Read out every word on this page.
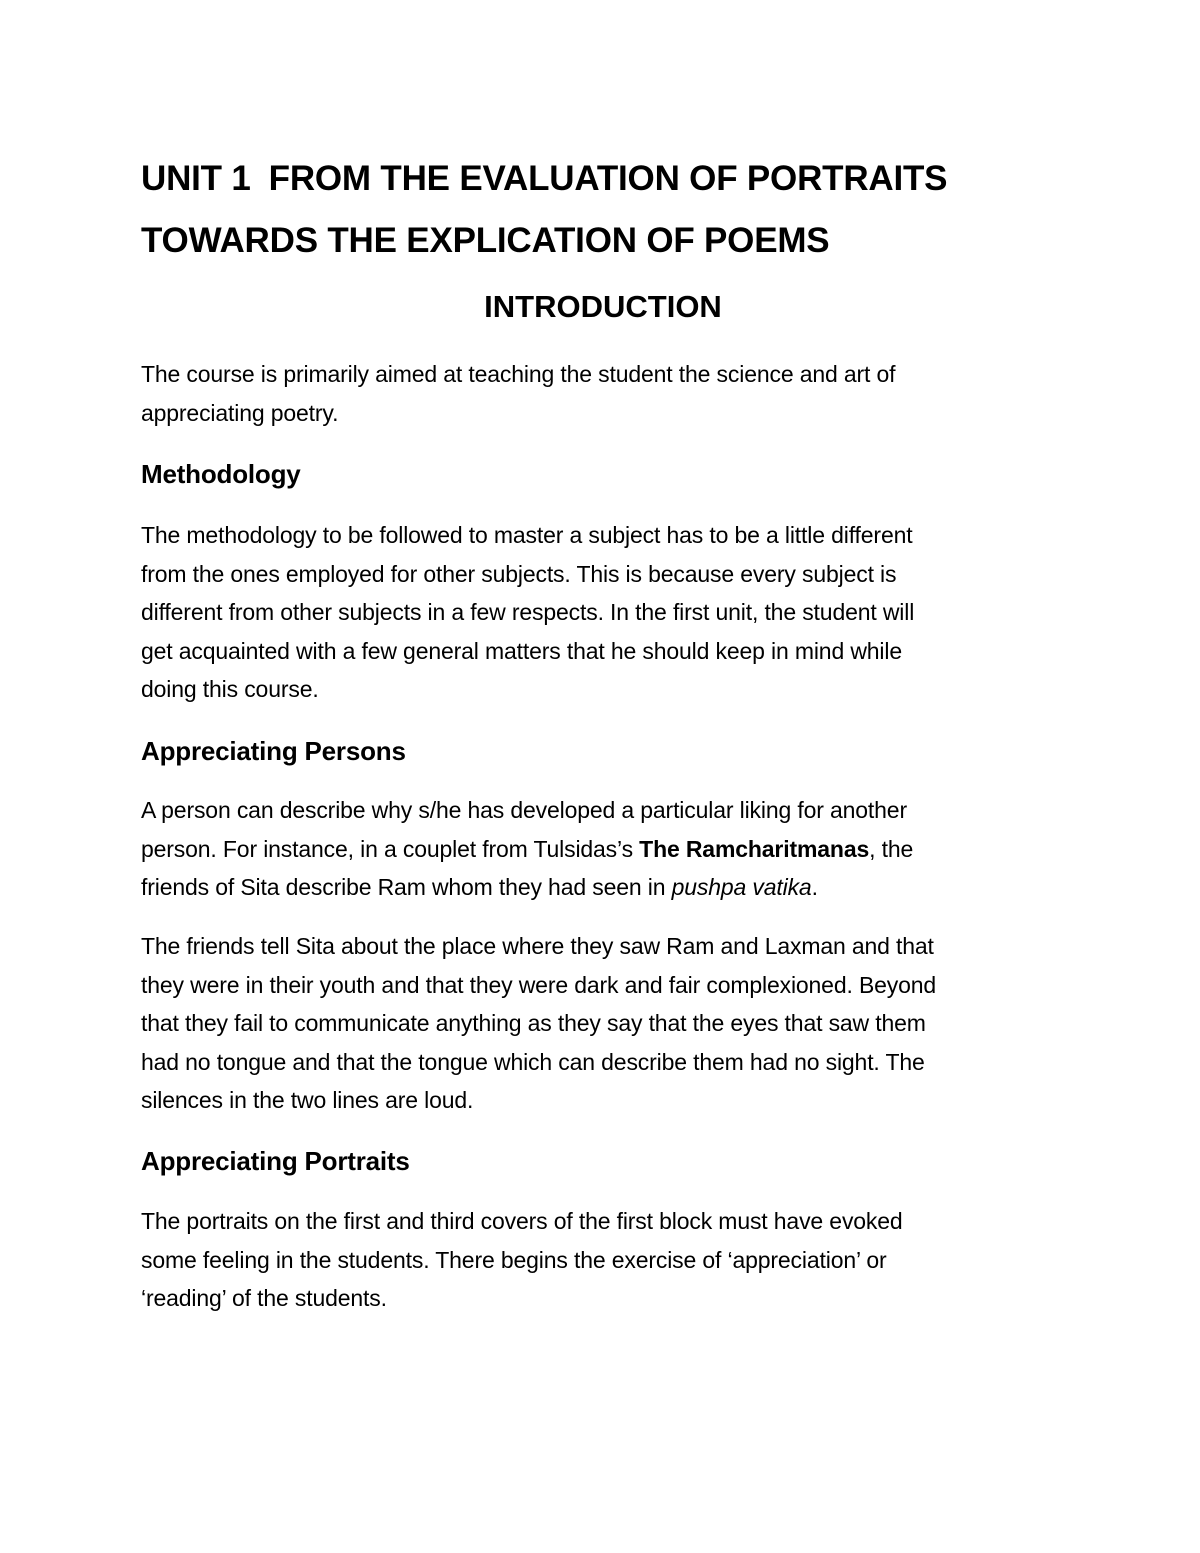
UNIT 1 FROM THE EVALUATION OF PORTRAITS
TOWARDS THE EXPLICATION OF POEMS
INTRODUCTION

The course is primarily aimed at teaching the student the science and art of
appreciating poetry.

Methodology

The methodology to be followed to master a subject has to be a little different
from the ones employed for other subjects. This is because every subject is
different from other subjects in a few respects. In the first unit, the student will
get acquainted with a few general matters that he should keep in mind while
doing this course.

Appreciating Persons

A person can describe why s/he has developed a particular liking for another
person. For instance, in a couplet from Tulsidas’s The Ramcharitmanas, the
friends of Sita describe Ram whom they had seen in pushpa vatika.

The friends tell Sita about the place where they saw Ram and Laxman and that
they were in their youth and that they were dark and fair complexioned. Beyond
that they fail to communicate anything as they say that the eyes that saw them
had no tongue and that the tongue which can describe them had no sight. The
silences in the two lines are loud.

Appreciating Portraits

The portraits on the first and third covers of the first block must have evoked
some feeling in the students. There begins the exercise of ‘appreciation’ or
‘reading’ of the students.
